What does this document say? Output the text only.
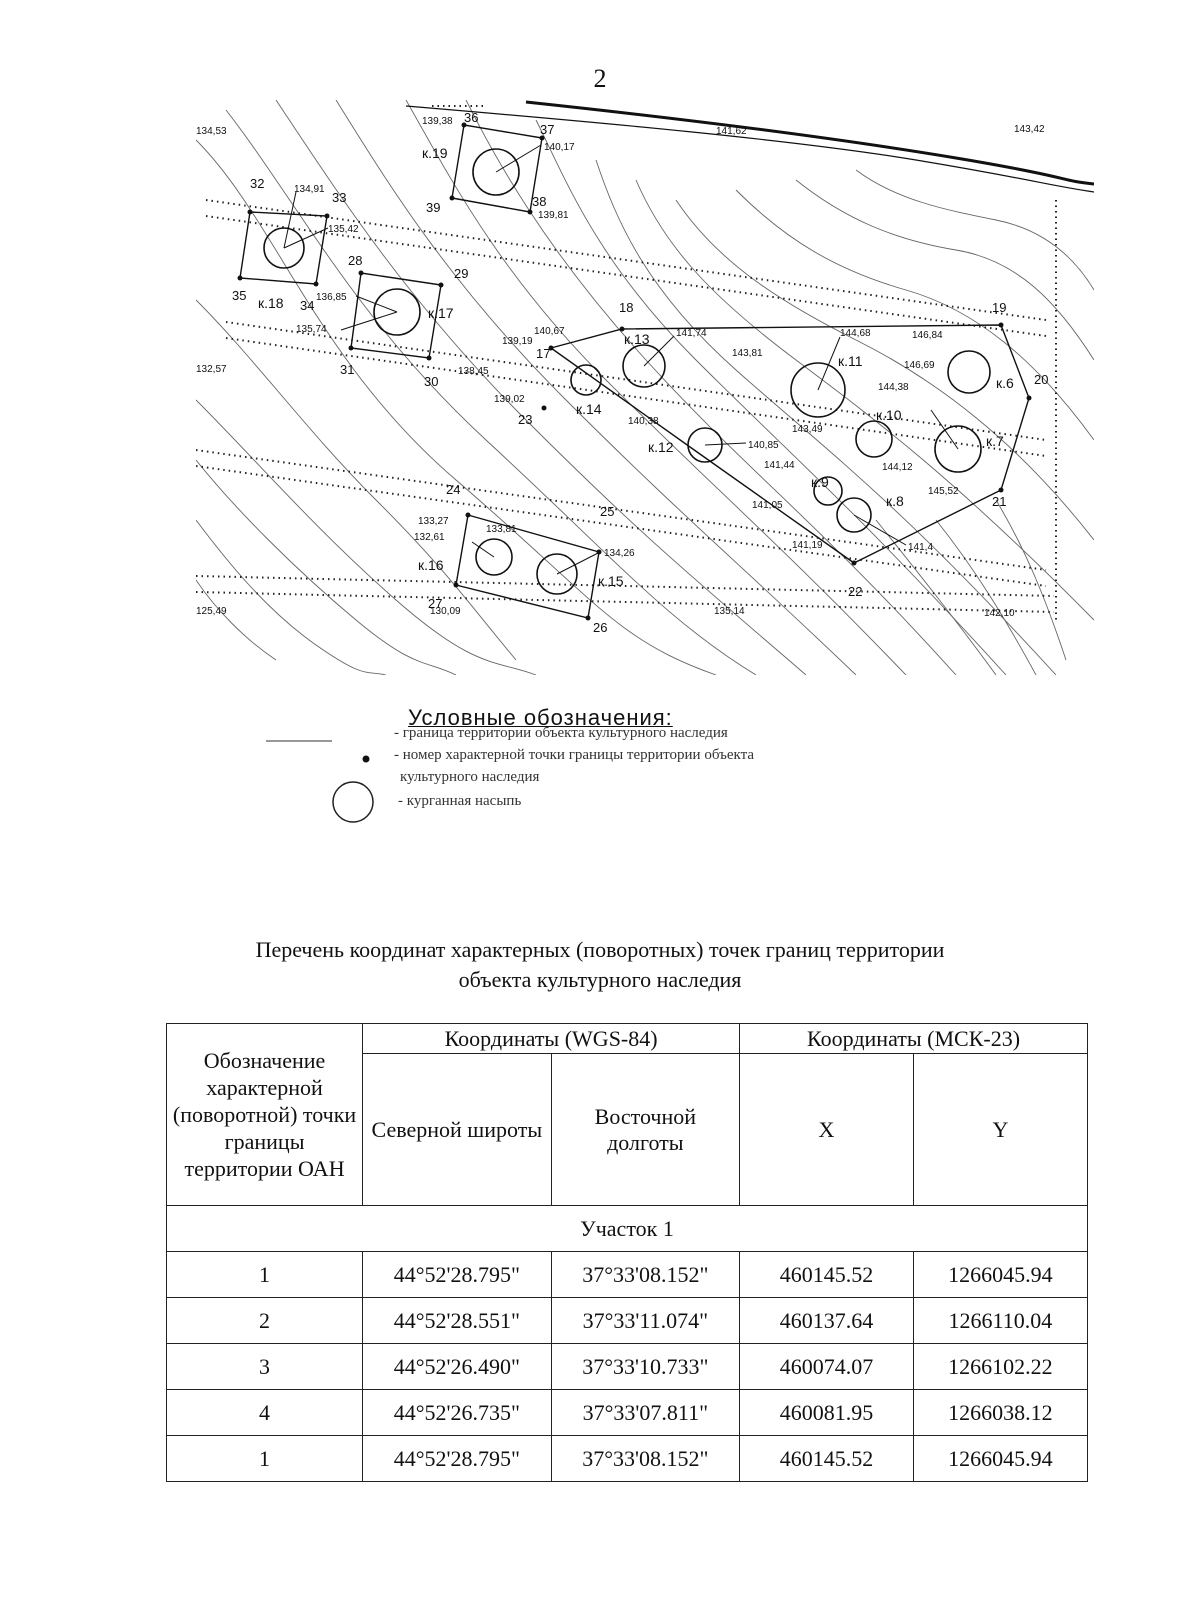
2
к.19
к.18
к.17
к.16
к.15
к.6
к.7
к.8
к.9
к.10
к.11
к.12
к.13
к.14
18
17
19
20
21
22
23
24
25
26
27
28
29
30
31
32
33
34
35
36
37
38
39
134,53
139,38
140,17
141,62	143,42
134,91
135,42
139,81
136,85
135,74
132,57	138,45
139,02
140,67
139,19
141,74
143,81
144,68	146,84
146,69
144,38
143,49
144,12
140,38
140,85
141,44
141,05
145,52
141,19	141,4
133,27
133,81
132,61
134,26
130,09	135,14
125,49	142,10
Условные обозначения:
- граница территории объекта культурного наследия
- номер характерной точки границы территории объекта
культурного наследия
- курганная насыпь
Перечень координат характерных (поворотных) точек границ территории
объекта культурного наследия
Обозначение характерной (поворотной) точки границы территории ОАН	Координаты (WGS-84)		Координаты (МСК-23)	
	Северной широты	Восточной долготы	X	Y
Участок 1				
1	44°52'28.795"	37°33'08.152"	460145.52	1266045.94
2	44°52'28.551"	37°33'11.074"	460137.64	1266110.04
3	44°52'26.490"	37°33'10.733"	460074.07	1266102.22
4	44°52'26.735"	37°33'07.811"	460081.95	1266038.12
1	44°52'28.795"	37°33'08.152"	460145.52	1266045.94
